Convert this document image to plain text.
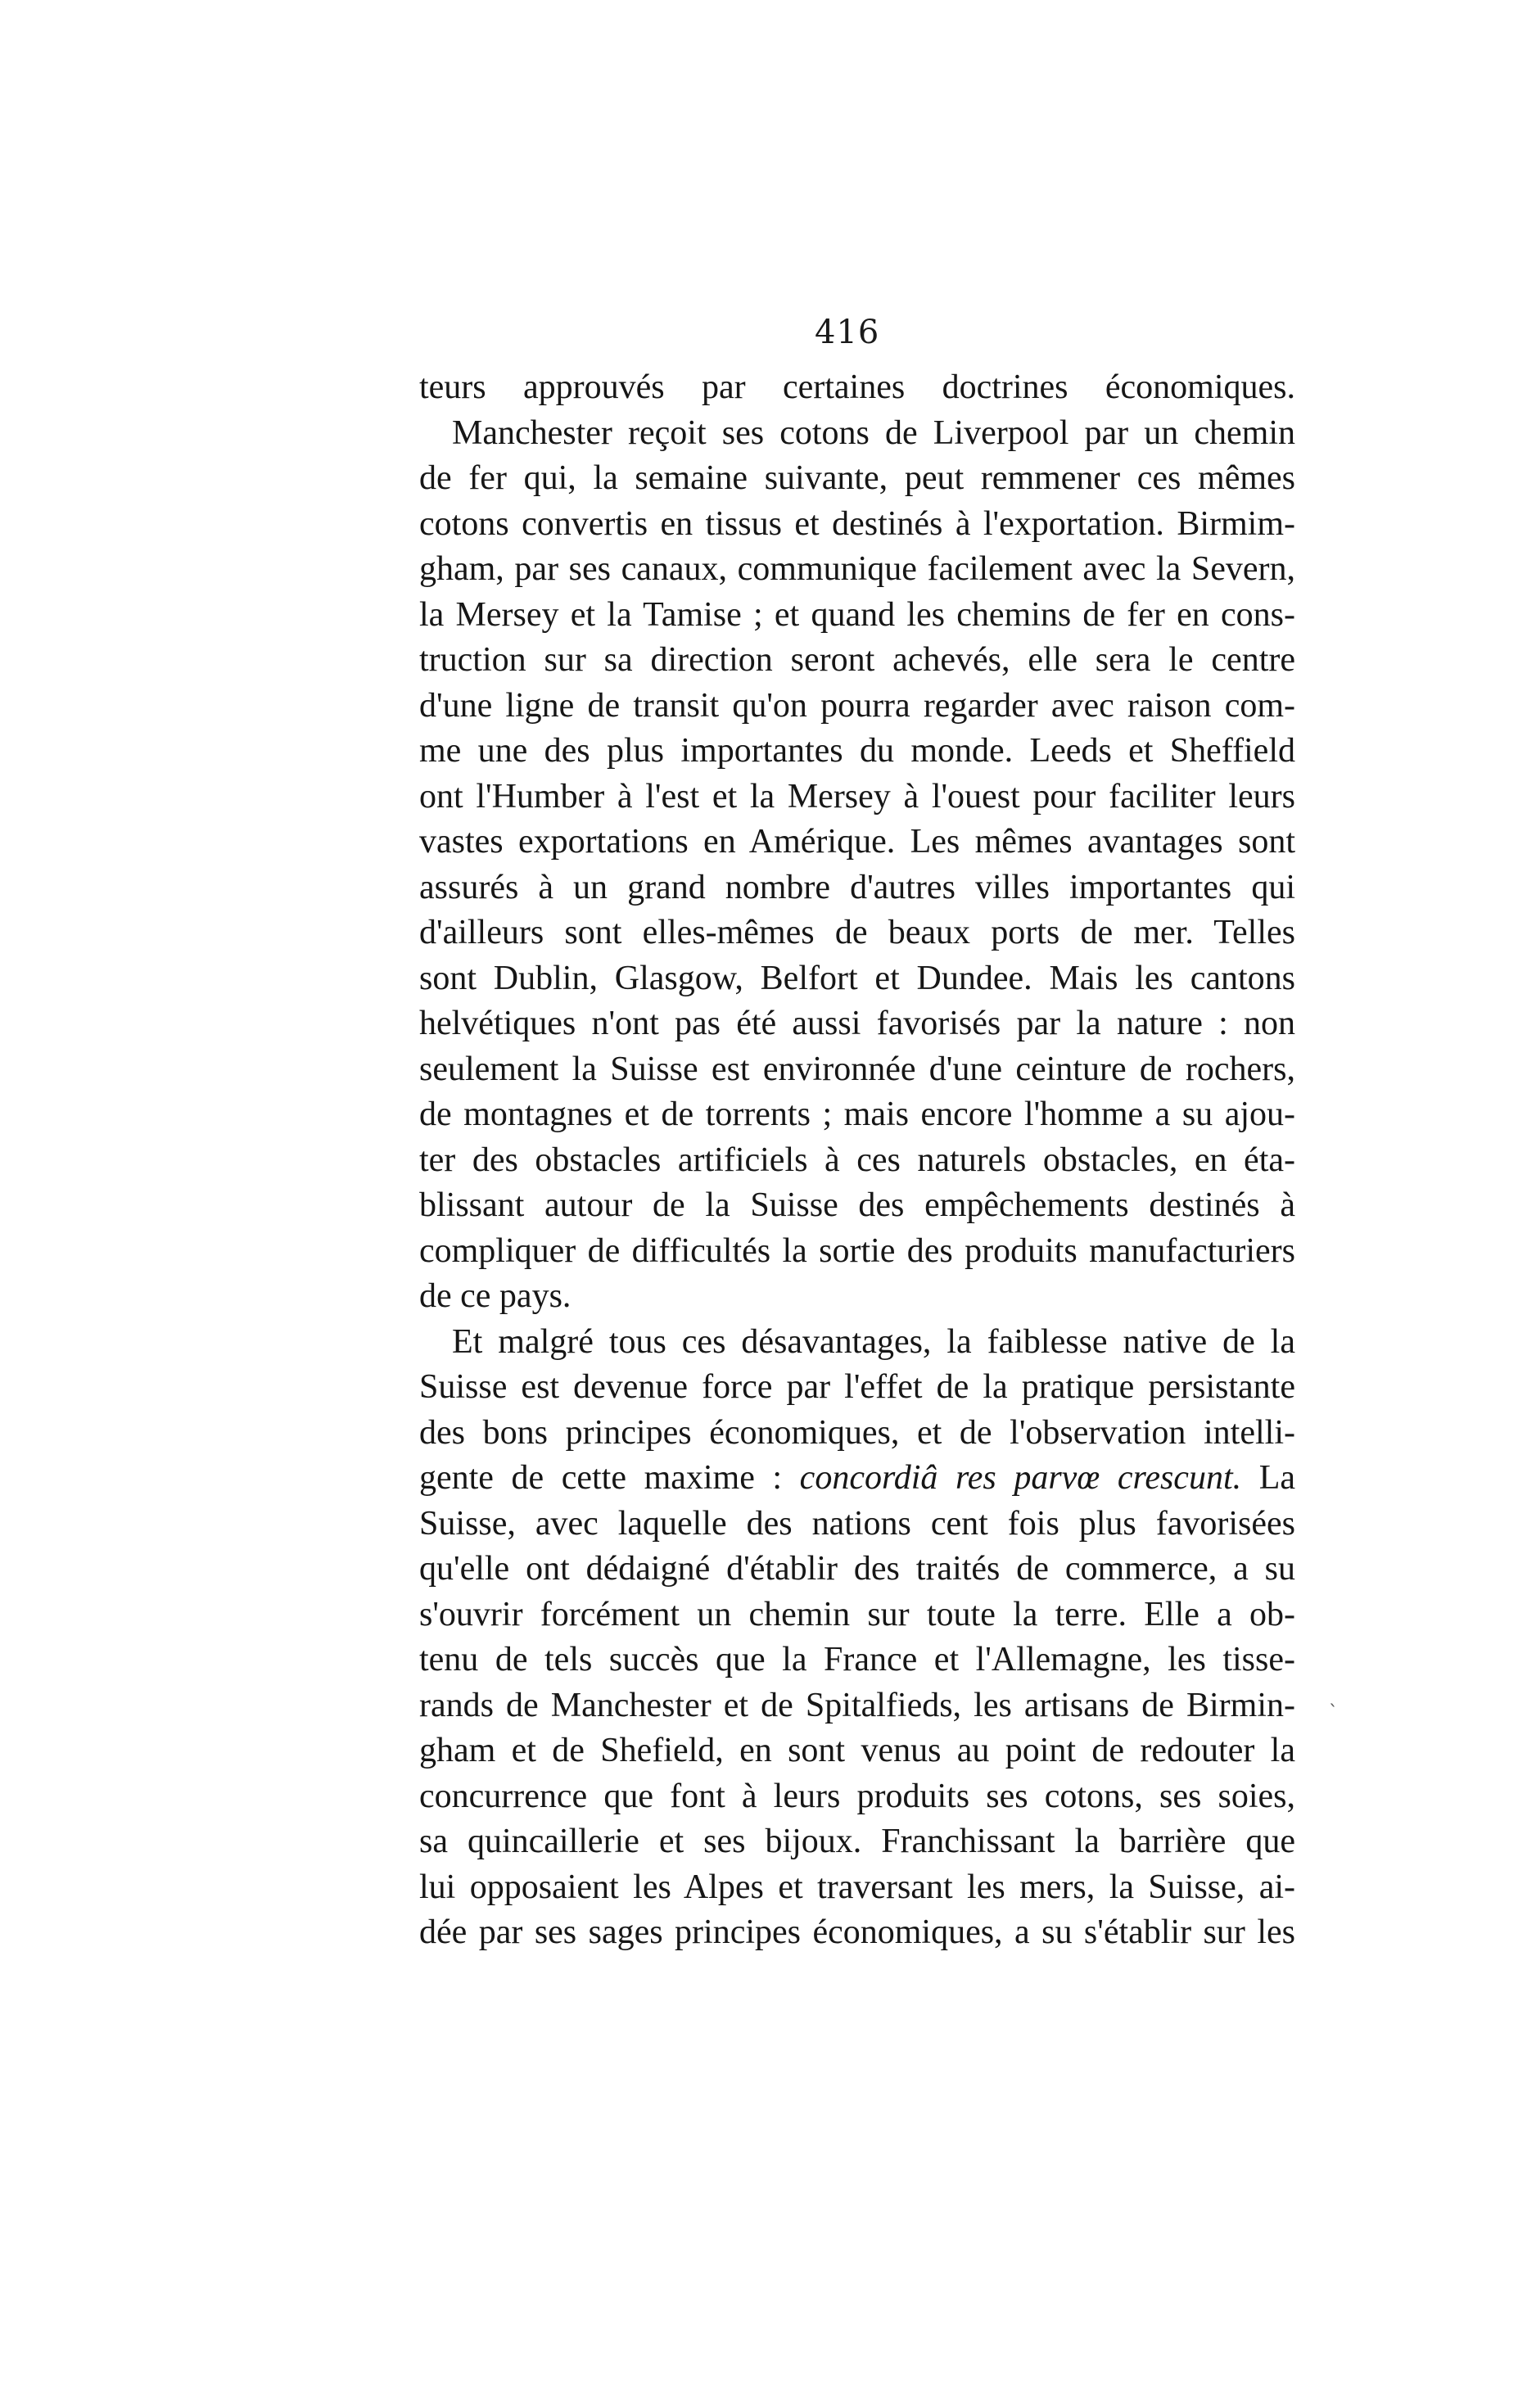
416
teurs approuvés par certaines doctrines économiques.
Manchester reçoit ses cotons de Liverpool par un chemin
de fer qui, la semaine suivante, peut remmener ces mêmes
cotons convertis en tissus et destinés à l'exportation. Birmim-
gham, par ses canaux, communique facilement avec la Severn,
la Mersey et la Tamise ; et quand les chemins de fer en cons-
truction sur sa direction seront achevés, elle sera le centre
d'une ligne de transit qu'on pourra regarder avec raison com-
me une des plus importantes du monde. Leeds et Sheffield
ont l'Humber à l'est et la Mersey à l'ouest pour faciliter leurs
vastes exportations en Amérique. Les mêmes avantages sont
assurés à un grand nombre d'autres villes importantes qui
d'ailleurs sont elles-mêmes de beaux ports de mer. Telles
sont Dublin, Glasgow, Belfort et Dundee. Mais les cantons
helvétiques n'ont pas été aussi favorisés par la nature : non
seulement la Suisse est environnée d'une ceinture de rochers,
de montagnes et de torrents ; mais encore l'homme a su ajou-
ter des obstacles artificiels à ces naturels obstacles, en éta-
blissant autour de la Suisse des empêchements destinés à
compliquer de difficultés la sortie des produits manufacturiers
de ce pays.
Et malgré tous ces désavantages, la faiblesse native de la
Suisse est devenue force par l'effet de la pratique persistante
des bons principes économiques, et de l'observation intelli-
gente de cette maxime : concordiâ res parvœ crescunt. La
Suisse, avec laquelle des nations cent fois plus favorisées
qu'elle ont dédaigné d'établir des traités de commerce, a su
s'ouvrir forcément un chemin sur toute la terre. Elle a ob-
tenu de tels succès que la France et l'Allemagne, les tisse-
rands de Manchester et de Spitalfieds, les artisans de Birmin-
gham et de Shefield, en sont venus au point de redouter la
concurrence que font à leurs produits ses cotons, ses soies,
sa quincaillerie et ses bijoux. Franchissant la barrière que
lui opposaient les Alpes et traversant les mers, la Suisse, ai-
dée par ses sages principes économiques, a su s'établir sur les
ˎ
